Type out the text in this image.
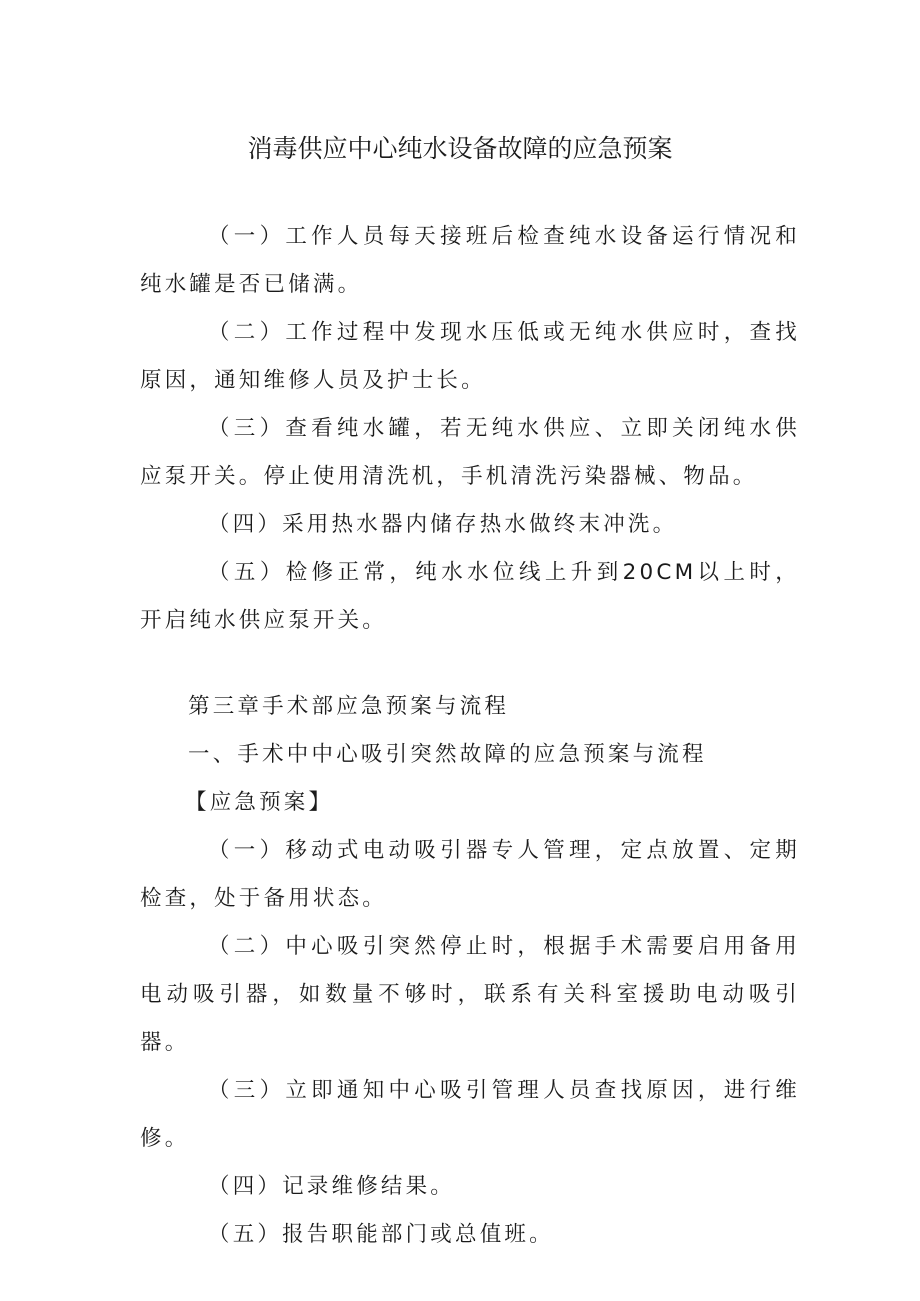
消毒供应中心纯水设备故障的应急预案

（一）工作人员每天接班后检查纯水设备运行情况和纯水罐是否已储满。

（二）工作过程中发现水压低或无纯水供应时，查找原因，通知维修人员及护士长。

（三）查看纯水罐，若无纯水供应、立即关闭纯水供应泵开关。停止使用清洗机，手机清洗污染器械、物品。

（四）采用热水器内储存热水做终末冲洗。

（五）检修正常，纯水水位线上升到20CM以上时，开启纯水供应泵开关。

第三章手术部应急预案与流程

一、手术中中心吸引突然故障的应急预案与流程

【应急预案】

（一）移动式电动吸引器专人管理，定点放置、定期检查，处于备用状态。

（二）中心吸引突然停止时，根据手术需要启用备用电动吸引器，如数量不够时，联系有关科室援助电动吸引器。

（三）立即通知中心吸引管理人员查找原因，进行维修。

（四）记录维修结果。

（五）报告职能部门或总值班。
